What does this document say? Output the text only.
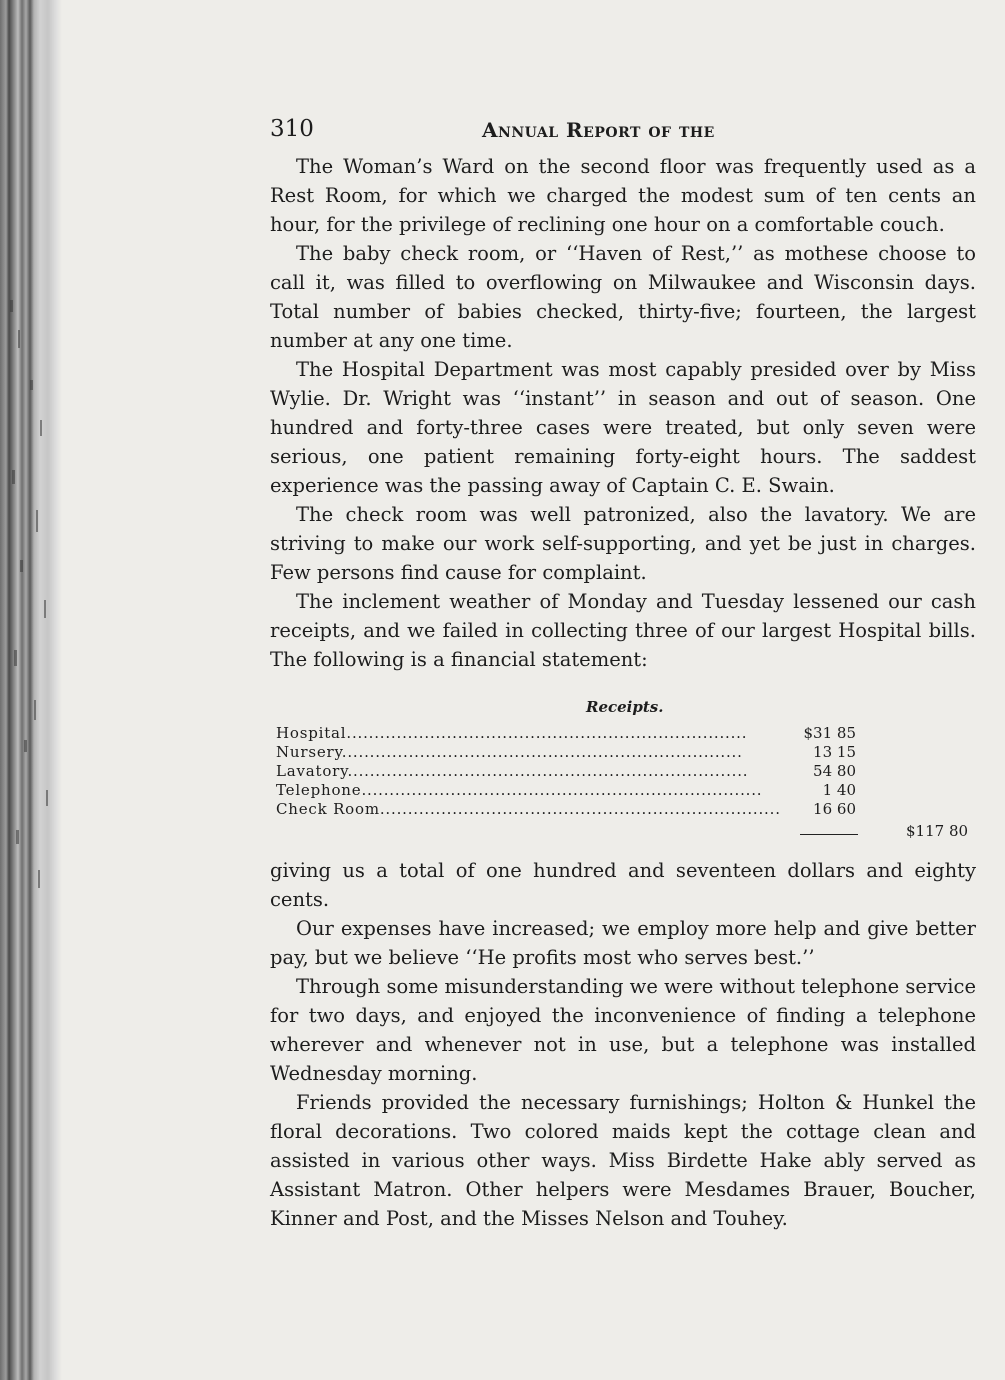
310	Annual Report of the

The Woman’s Ward on the second floor was frequently used as a Rest Room, for which we charged the modest sum of ten cents an hour, for the privilege of reclining one hour on a comfortable couch.

The baby check room, or ‘‘Haven of Rest,’’ as mothese choose to call it, was filled to overflowing on Milwaukee and Wisconsin days. Total number of babies checked, thirty-five; fourteen, the largest number at any one time.

The Hospital Department was most capably presided over by Miss Wylie. Dr. Wright was ‘‘instant’’ in season and out of season. One hundred and forty-three cases were treated, but only seven were serious, one patient remaining forty-eight hours. The saddest experience was the passing away of Captain C. E. Swain.

The check room was well patronized, also the lavatory. We are striving to make our work self-supporting, and yet be just in charges. Few persons find cause for complaint.

The inclement weather of Monday and Tuesday lessened our cash receipts, and we failed in collecting three of our largest Hospital bills. The following is a financial statement:

Receipts.
Hospital........................................................................	$31 85
Nursery........................................................................	13 15
Lavatory........................................................................	54 80
Telephone........................................................................	1 40
Check Room........................................................................ 16 60
$117 80

giving us a total of one hundred and seventeen dollars and eighty cents.

Our expenses have increased; we employ more help and give better pay, but we believe ‘‘He profits most who serves best.’’

Through some misunderstanding we were without telephone service for two days, and enjoyed the inconvenience of finding a telephone wherever and whenever not in use, but a telephone was installed Wednesday morning.

Friends provided the necessary furnishings; Holton & Hunkel the floral decorations. Two colored maids kept the cottage clean and assisted in various other ways. Miss Birdette Hake ably served as Assistant Matron. Other helpers were Mesdames Brauer, Boucher, Kinner and Post, and the Misses Nelson and Touhey.
